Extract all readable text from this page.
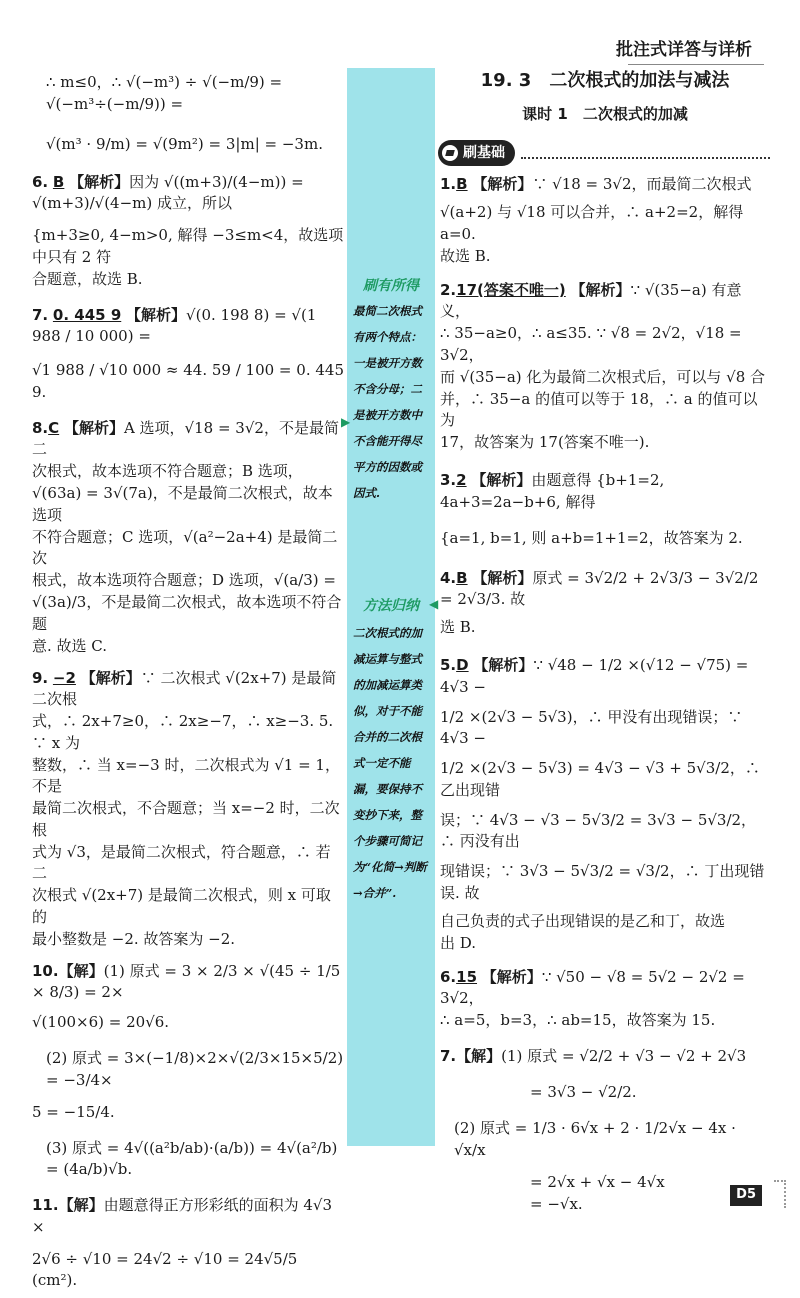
批注式详答与详析
∴ m≤0，∴ √(−m³) ÷ √(−m/9) = √(−m³÷(−m/9)) =
√(m³ · 9/m) = √(9m²) = 3|m| = −3m.
6. B 【解析】因为 √((m+3)/(4−m)) = √(m+3)/√(4−m) 成立，所以
{m+3≥0, 4−m>0, 解得 −3≤m<4，故选项中只有 2 符
合题意，故选 B.
7. 0. 445 9 【解析】√(0. 198 8) = √(1 988 / 10 000) =
√1 988 / √10 000 ≈ 44. 59 / 100 = 0. 445 9.
8.C 【解析】A 选项，√18 = 3√2，不是最简二
次根式，故本选项不符合题意；B 选项，
√(63a) = 3√(7a)，不是最简二次根式，故本选项
不符合题意；C 选项，√(a²−2a+4) 是最简二次
根式，故本选项符合题意；D 选项，√(a/3) =
√(3a)/3，不是最简二次根式，故本选项不符合题
意. 故选 C.
9. −2 【解析】∵ 二次根式 √(2x+7) 是最简二次根
式，∴ 2x+7≥0，∴ 2x≥−7，∴ x≥−3. 5. ∵ x 为
整数，∴ 当 x=−3 时，二次根式为 √1 = 1，不是
最简二次根式，不合题意；当 x=−2 时，二次根
式为 √3，是最简二次根式，符合题意，∴ 若二
次根式 √(2x+7) 是最简二次根式，则 x 可取的
最小整数是 −2. 故答案为 −2.
10.【解】(1) 原式 = 3 × 2/3 × √(45 ÷ 1/5 × 8/3) = 2×
√(100×6) = 20√6.
(2) 原式 = 3×(−1/8)×2×√(2/3×15×5/2) = −3/4×
5 = −15/4.
(3) 原式 = 4√((a²b/ab)·(a/b)) = 4√(a²/b) = (4a/b)√b.
11.【解】由题意得正方形彩纸的面积为 4√3 ×
2√6 ÷ √10 = 24√2 ÷ √10 = 24√5/5 (cm²).
刷有所得
最简二次根式有两个特点：一是被开方数不含分母；二是被开方数中不含能开得尽平方的因数或因式.
▶
方法归纳 ◀
二次根式的加减运算与整式的加减运算类似，对于不能合并的二次根式一定不能漏，要保持不变抄下来，整个步骤可简记为“化简→判断→合并”.
19. 3　二次根式的加法与减法
课时 1　二次根式的加减
刷基础
1.B 【解析】∵ √18 = 3√2，而最简二次根式
√(a+2) 与 √18 可以合并，∴ a+2=2，解得 a=0.
故选 B.
2.17(答案不唯一) 【解析】∵ √(35−a) 有意义，
∴ 35−a≥0，∴ a≤35. ∵ √8 = 2√2，√18 = 3√2，
而 √(35−a) 化为最简二次根式后，可以与 √8 合
并，∴ 35−a 的值可以等于 18，∴ a 的值可以为
17，故答案为 17(答案不唯一).
3.2 【解析】由题意得 {b+1=2, 4a+3=2a−b+6, 解得
{a=1, b=1, 则 a+b=1+1=2，故答案为 2.
4.B 【解析】原式 = 3√2/2 + 2√3/3 − 3√2/2 = 2√3/3. 故
选 B.
5.D 【解析】∵ √48 − 1/2 ×(√12 − √75) = 4√3 −
1/2 ×(2√3 − 5√3)，∴ 甲没有出现错误；∵ 4√3 −
1/2 ×(2√3 − 5√3) = 4√3 − √3 + 5√3/2，∴ 乙出现错
误；∵ 4√3 − √3 − 5√3/2 = 3√3 − 5√3/2，∴ 丙没有出
现错误；∵ 3√3 − 5√3/2 = √3/2，∴ 丁出现错误. 故
自己负责的式子出现错误的是乙和丁，故选
出 D.
6.15 【解析】∵ √50 − √8 = 5√2 − 2√2 = 3√2，
∴ a=5，b=3，∴ ab=15，故答案为 15.
7.【解】(1) 原式 = √2/2 + √3 − √2 + 2√3
= 3√3 − √2/2.
(2) 原式 = 1/3 · 6√x + 2 · 1/2√x − 4x · √x/x
= 2√x + √x − 4√x
= −√x.
D5
